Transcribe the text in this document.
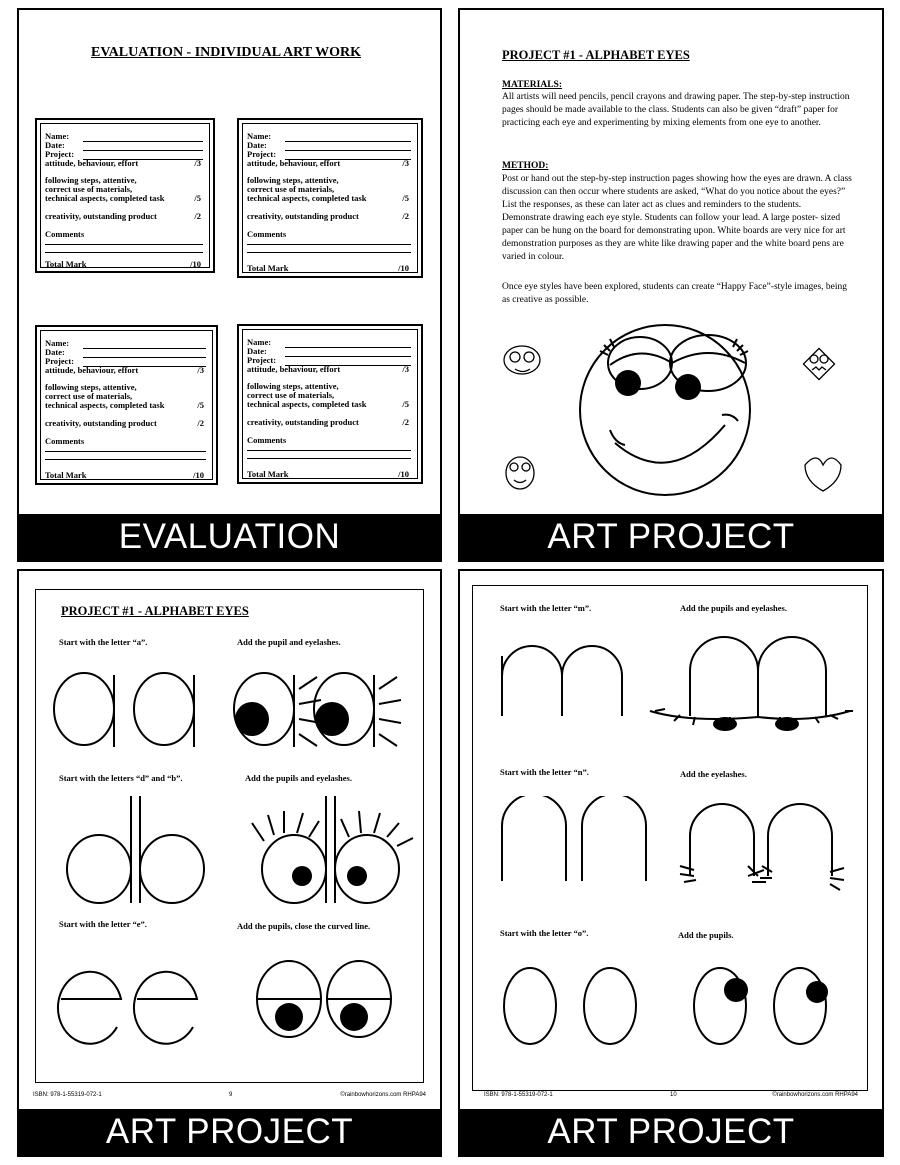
EVALUATION - INDIVIDUAL ART WORK
Name:
Date:
Project:
attitude, behaviour, effort	/3
following steps, attentive,
correct use of materials,
technical aspects, completed task	/5
creativity, outstanding product	/2
Comments
Total Mark	/10
Name:
Date:
Project:
attitude, behaviour, effort	/3
following steps, attentive,
correct use of materials,
technical aspects, completed task	/5
creativity, outstanding product	/2
Comments
Total Mark	/10
Name:
Date:
Project:
attitude, behaviour, effort	/3
following steps, attentive,
correct use of materials,
technical aspects, completed task	/5
creativity, outstanding product	/2
Comments
Total Mark	/10
Name:
Date:
Project:
attitude, behaviour, effort	/3
following steps, attentive,
correct use of materials,
technical aspects, completed task	/5
creativity, outstanding product	/2
Comments
Total Mark	/10
EVALUATION
PROJECT #1 - ALPHABET EYES
MATERIALS:
All artists will need pencils, pencil crayons and drawing paper. The step-by-step instruction pages should be made available to the class. Students can also be given “draft” paper for practicing each eye and experimenting by mixing elements from one eye to another.
METHOD:
Post or hand out the step-by-step instruction pages showing how the eyes are drawn. A class discussion can then occur where students are asked, “What do you notice about the eyes?” List the responses, as these can later act as clues and reminders to the students. Demonstrate drawing each eye style. Students can follow your lead. A large poster- sized paper can be hung on the board for demonstrating upon. White boards are very nice for art demonstration purposes as they are white like drawing paper and the white board pens are varied in colour.
Once eye styles have been explored, students can create “Happy Face”-style images, being as creative as possible.
ART PROJECT
PROJECT #1 - ALPHABET EYES
Start with the letter “a”.	Add the pupil and eyelashes.
Start with the letters “d” and “b”.	Add the pupils and eyelashes.
Start with the letter “e”.	Add the pupils, close the curved line.
ISBN: 978-1-55319-072-1	9	©rainbowhorizons.com RHPA94
ART PROJECT
Start with the letter “m”.	Add the pupils and eyelashes.
Start with the letter “n”.	Add the eyelashes.
Start with the letter “o”.	Add the pupils.
ISBN: 978-1-55319-072-1	10	©rainbowhorizons.com RHPA94
ART PROJECT
